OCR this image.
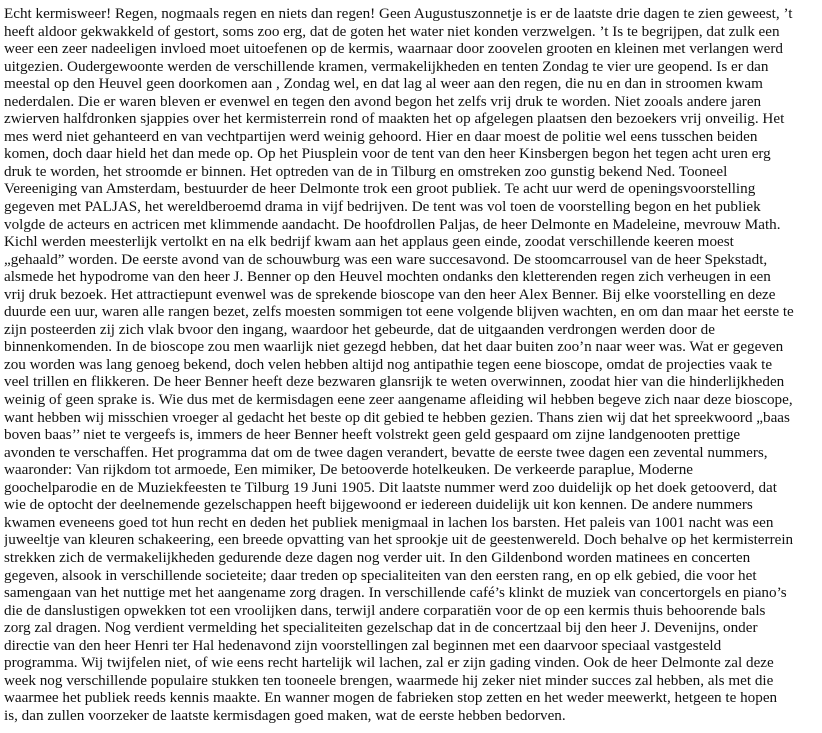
Echt kermisweer! Regen, nogmaals regen en niets dan regen! Geen Augustuszonnetje is er de laatste drie dagen te zien geweest, ’t
heeft aldoor gekwakkeld of gestort, soms zoo erg, dat de goten het water niet konden verzwelgen. ’t Is te begrijpen, dat zulk een
weer een zeer nadeeligen invloed moet uitoefenen op de kermis, waarnaar door zoovelen grooten en kleinen met verlangen werd
uitgezien. Oudergewoonte werden de verschillende kramen, vermakelijkheden en tenten Zondag te vier ure geopend. Is er dan
meestal op den Heuvel geen doorkomen aan , Zondag wel, en dat lag al weer aan den regen, die nu en dan in stroomen kwam
nederdalen. Die er waren bleven er evenwel en tegen den avond begon het zelfs vrij druk te worden. Niet zooals andere jaren
zwierven halfdronken sjappies over het kermisterrein rond of maakten het op afgelegen plaatsen den bezoekers vrij onveilig. Het
mes werd niet gehanteerd en van vechtpartijen werd weinig gehoord. Hier en daar moest de politie wel eens tusschen beiden
komen, doch daar hield het dan mede op. Op het Piusplein voor de tent van den heer Kinsbergen begon het tegen acht uren erg
druk te worden, het stroomde er binnen. Het optreden van de in Tilburg en omstreken zoo gunstig bekend Ned. Tooneel
Vereeniging van Amsterdam, bestuurder de heer Delmonte trok een groot publiek. Te acht uur werd de openingsvoorstelling
gegeven met PALJAS, het wereldberoemd drama in vijf bedrijven. De tent was vol toen de voorstelling begon en het publiek
volgde de acteurs en actricen met klimmende aandacht. De hoofdrollen Paljas, de heer Delmonte en Madeleine, mevrouw Math.
Kichl werden meesterlijk vertolkt en na elk bedrijf kwam aan het applaus geen einde, zoodat verschillende keeren moest
„gehaald” worden. De eerste avond van de schouwburg was een ware succesavond. De stoomcarrousel van de heer Spekstadt,
alsmede het hypodrome van den heer J. Benner op den Heuvel mochten ondanks den kletterenden regen zich verheugen in een
vrij druk bezoek. Het attractiepunt evenwel was de sprekende bioscope van den heer Alex Benner. Bij elke voorstelling en deze
duurde een uur, waren alle rangen bezet, zelfs moesten sommigen tot eene volgende blijven wachten, en om dan maar het eerste te
zijn posteerden zij zich vlak bvoor den ingang, waardoor het gebeurde, dat de uitgaanden verdrongen werden door de
binnenkomenden. In de bioscope zou men waarlijk niet gezegd hebben, dat het daar buiten zoo’n naar weer was. Wat er gegeven
zou worden was lang genoeg bekend, doch velen hebben altijd nog antipathie tegen eene bioscope, omdat de projecties vaak te
veel trillen en flikkeren. De heer Benner heeft deze bezwaren glansrijk te weten overwinnen, zoodat hier van die hinderlijkheden
weinig of geen sprake is. Wie dus met de kermisdagen eene zeer aangename afleiding wil hebben begeve zich naar deze bioscope,
want hebben wij misschien vroeger al gedacht het beste op dit gebied te hebben gezien. Thans zien wij dat het spreekwoord „baas
boven baas’’ niet te vergeefs is, immers de heer Benner heeft volstrekt geen geld gespaard om zijne landgenooten prettige
avonden te verschaffen. Het programma dat om de twee dagen verandert, bevatte de eerste twee dagen een zevental nummers,
waaronder: Van rijkdom tot armoede, Een mimiker, De betooverde hotelkeuken. De verkeerde paraplue, Moderne
goochelparodie en de Muziekfeesten te Tilburg 19 Juni 1905. Dit laatste nummer werd zoo duidelijk op het doek getooverd, dat
wie de optocht der deelnemende gezelschappen heeft bijgewoond er iedereen duidelijk uit kon kennen. De andere nummers
kwamen eveneens goed tot hun recht en deden het publiek menigmaal in lachen los barsten. Het paleis van 1001 nacht was een
juweeltje van kleuren schakeering, een breede opvatting van het sprookje uit de geestenwereld. Doch behalve op het kermisterrein
strekken zich de vermakelijkheden gedurende deze dagen nog verder uit. In den Gildenbond worden matinees en concerten
gegeven, alsook in verschillende societeite; daar treden op specialiteiten van den eersten rang, en op elk gebied, die voor het
samengaan van het nuttige met het aangename zorg dragen. In verschillende café’s klinkt de muziek van concertorgels en piano’s
die de danslustigen opwekken tot een vroolijken dans, terwijl andere corparatiën voor de op een kermis thuis behoorende bals
zorg zal dragen. Nog verdient vermelding het specialiteiten gezelschap dat in de concertzaal bij den heer J. Devenijns, onder
directie van den heer Henri ter Hal hedenavond zijn voorstellingen zal beginnen met een daarvoor speciaal vastgesteld
programma. Wij twijfelen niet, of wie eens recht hartelijk wil lachen, zal er zijn gading vinden. Ook de heer Delmonte zal deze
week nog verschillende populaire stukken ten tooneele brengen, waarmede hij zeker niet minder succes zal hebben, als met die
waarmee het publiek reeds kennis maakte. En wanner mogen de fabrieken stop zetten en het weder meewerkt, hetgeen te hopen
is, dan zullen voorzeker de laatste kermisdagen goed maken, wat de eerste hebben bedorven.
